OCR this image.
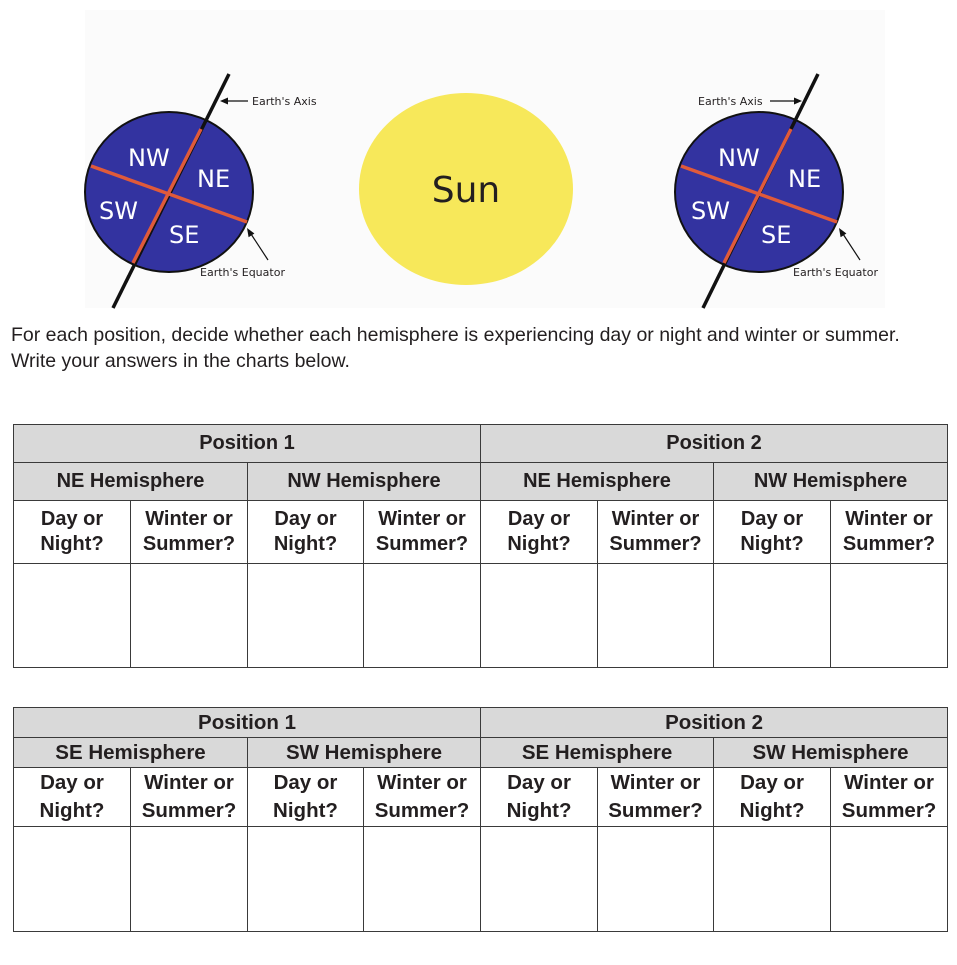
NW
NE
SW
SE
Earth's Axis
Earth's Equator
Sun
NW
NE
SW
SE
Earth's Axis
Earth's Equator
For each position, decide whether each hemisphere is experiencing day or night and winter or summer. Write your answers in the charts below.
Position 1				Position 2			
NE Hemisphere		NW Hemisphere		NE Hemisphere		NW Hemisphere	

Day or
Night?	Winter or
Summer?	Day or
Night?	Winter or
Summer?	Day or
Night?	Winter or
Summer?	Day or
Night?	Winter or
Summer?

Position 1				Position 2			
SE Hemisphere		SW Hemisphere		SE Hemisphere		SW Hemisphere	

Day or
Night?	Winter or
Summer?	Day or
Night?	Winter or
Summer?	Day or
Night?	Winter or
Summer?	Day or
Night?	Winter or
Summer?
